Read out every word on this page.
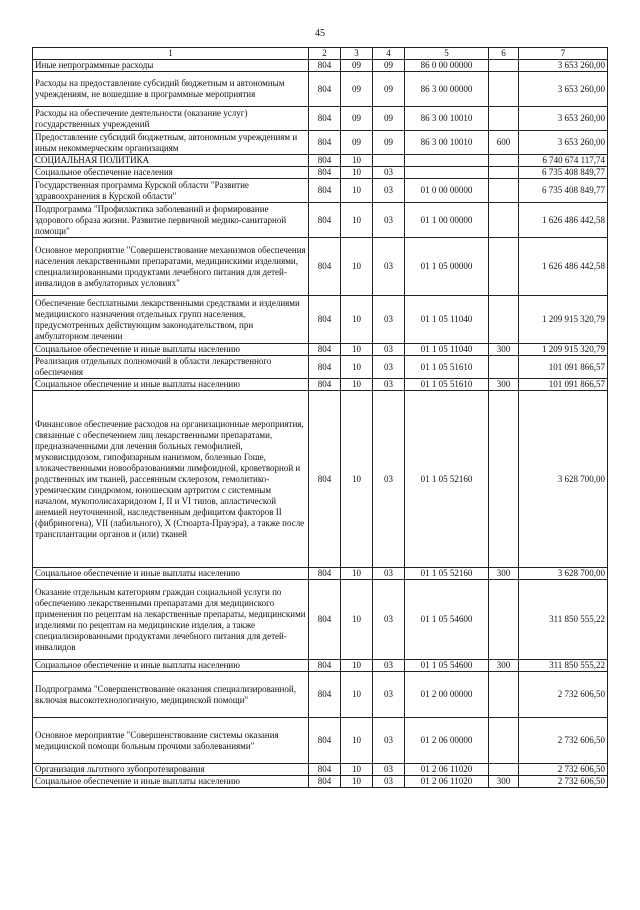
45
1	2	3	4	5	6	7
Иные непрограммные расходы	804	09	09	86 0 00 00000		3 653 260,00
Расходы на предоставление субсидий бюджетным и автономным учреждениям, не вошедшие в программные мероприятия	804	09	09	86 3 00 00000		3 653 260,00
Расходы на обеспечение деятельности (оказание услуг) государственных учреждений	804	09	09	86 3 00 10010		3 653 260,00
Предоставление субсидий бюджетным, автономным учреждениям и иным некоммерческим организациям	804	09	09	86 3 00 10010	600	3 653 260,00
СОЦИАЛЬНАЯ ПОЛИТИКА	804	10				6 740 674 117,74
Социальное обеспечение населения	804	10	03			6 735 408 849,77
Государственная программа Курской области "Развитие здравоохранения в Курской области"	804	10	03	01 0 00 00000		6 735 408 849,77
Подпрограмма "Профилактика заболеваний и формирование здорового образа жизни. Развитие первичной медико-санитарной помощи"	804	10	03	01 1 00 00000		1 626 486 442,58
Основное мероприятие "Совершенствование механизмов обеспечения населения лекарственными препаратами, медицинскими изделиями, специализированными продуктами лечебного питания для детей-инвалидов в амбулаторных условиях"	804	10	03	01 1 05 00000		1 626 486 442,58
Обеспечение бесплатными лекарственными средствами и изделиями медицинского назначения отдельных групп населения, предусмотренных действующим законодательством, при амбулаторном лечении	804	10	03	01 1 05 11040		1 209 915 320,79
Социальное обеспечение и иные выплаты населению	804	10	03	01 1 05 11040	300	1 209 915 320,79
Реализация отдельных полномочий в области лекарственного обеспечения	804	10	03	01 1 05 51610		101 091 866,57
Социальное обеспечение и иные выплаты населению	804	10	03	01 1 05 51610	300	101 091 866,57
Финансовое обеспечение расходов на организационные мероприятия, связанные с обеспечением лиц лекарственными препаратами, предназначенными для лечения больных гемофилией, муковисцидозом, гипофизарным нанизмом, болезнью Гоше, злокачественными новообразованиями лимфоидной, кроветворной и родственных им тканей, рассеянным склерозом, гемолитико-уремическим синдромом, юношеским артритом с системным началом, мукополисахаридозом I, II и VI типов, апластической анемией неуточненной, наследственным дефицитом факторов II (фибриногена), VII (лабильного), X (Стюарта-Прауэра), а также после трансплантации органов и (или) тканей	804	10	03	01 1 05 52160		3 628 700,00
Социальное обеспечение и иные выплаты населению	804	10	03	01 1 05 52160	300	3 628 700,00
Оказание отдельным категориям граждан социальной услуги по обеспечению лекарственными препаратами для медицинского применения по рецептам на лекарственные препараты, медицинскими изделиями по рецептам на медицинские изделия, а также специализированными продуктами лечебного питания для детей-инвалидов	804	10	03	01 1 05 54600		311 850 555,22
Социальное обеспечение и иные выплаты населению	804	10	03	01 1 05 54600	300	311 850 555,22
Подпрограмма "Совершенствование оказания специализированной, включая высокотехнологичную, медицинской помощи"	804	10	03	01 2 00 00000		2 732 606,50
Основное мероприятие "Совершенствование системы оказания медицинской помощи больным прочими заболеваниями"	804	10	03	01 2 06 00000		2 732 606,50
Организация льготного зубопротезирования	804	10	03	01 2 06 11020		2 732 606,50
Социальное обеспечение и иные выплаты населению	804	10	03	01 2 06 11020	300	2 732 606,50
